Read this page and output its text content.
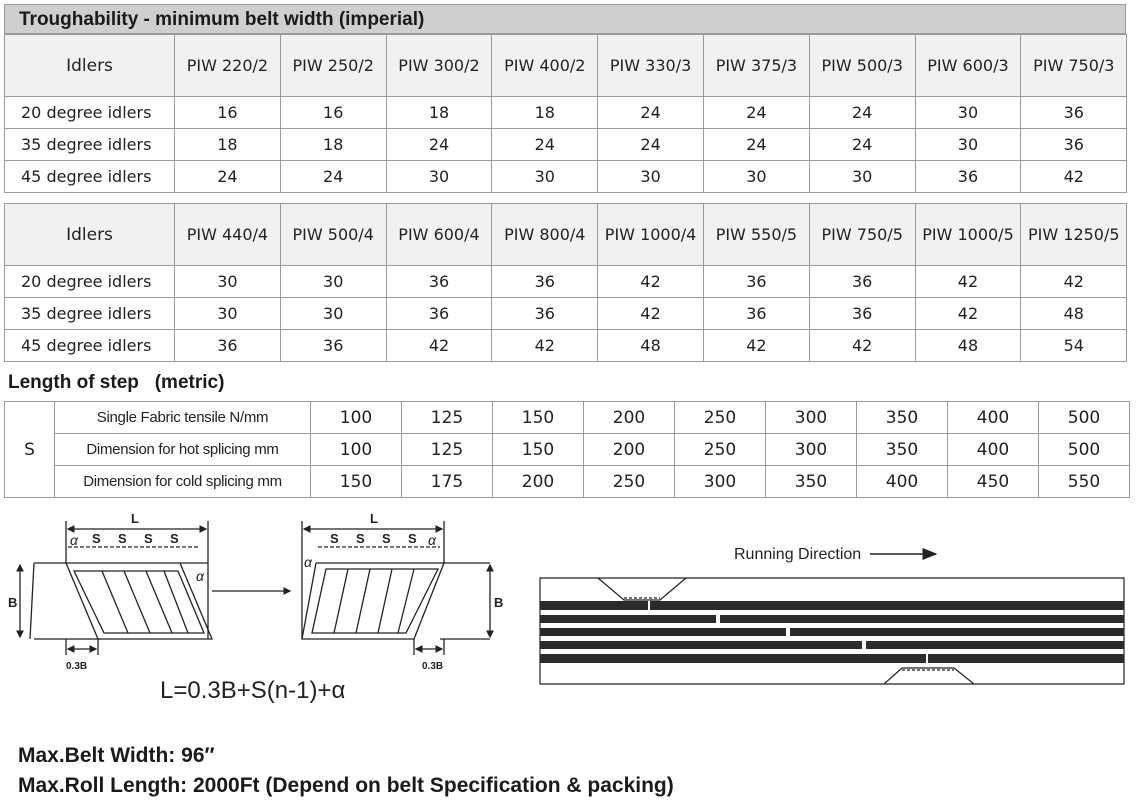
Troughability - minimum belt width (imperial)
Idlers	PIW 220/2	PIW 250/2	PIW 300/2	PIW 400/2	PIW 330/3	PIW 375/3	PIW 500/3	PIW 600/3	PIW 750/3
20 degree idlers	16	16	18	18	24	24	24	30	36
35 degree idlers	18	18	24	24	24	24	24	30	36
45 degree idlers	24	24	30	30	30	30	30	36	42
Idlers	PIW 440/4	PIW 500/4	PIW 600/4	PIW 800/4	PIW 1000/4	PIW 550/5	PIW 750/5	PIW 1000/5	PIW 1250/5
20 degree idlers	30	30	36	36	42	36	36	42	42
35 degree idlers	30	30	36	36	42	36	36	42	48
45 degree idlers	36	36	42	42	48	42	42	48	54
Length of step (metric)
S	Single Fabric tensile N/mm	100	125	150	200	250	300	350	400	500
	Dimension for hot splicing mm	100	125	150	200	250	300	350	400	500
	Dimension for cold splicing mm	150	175	200	250	300	350	400	450	550
L	L
S S S S	S S S S
B	B
α
α
α
α
0.3B	0.3B
L=0.3B+S(n-1)+α
Running Direction
Max.Belt Width: 96″
Max.Roll Length: 2000Ft (Depend on belt Specification & packing)
